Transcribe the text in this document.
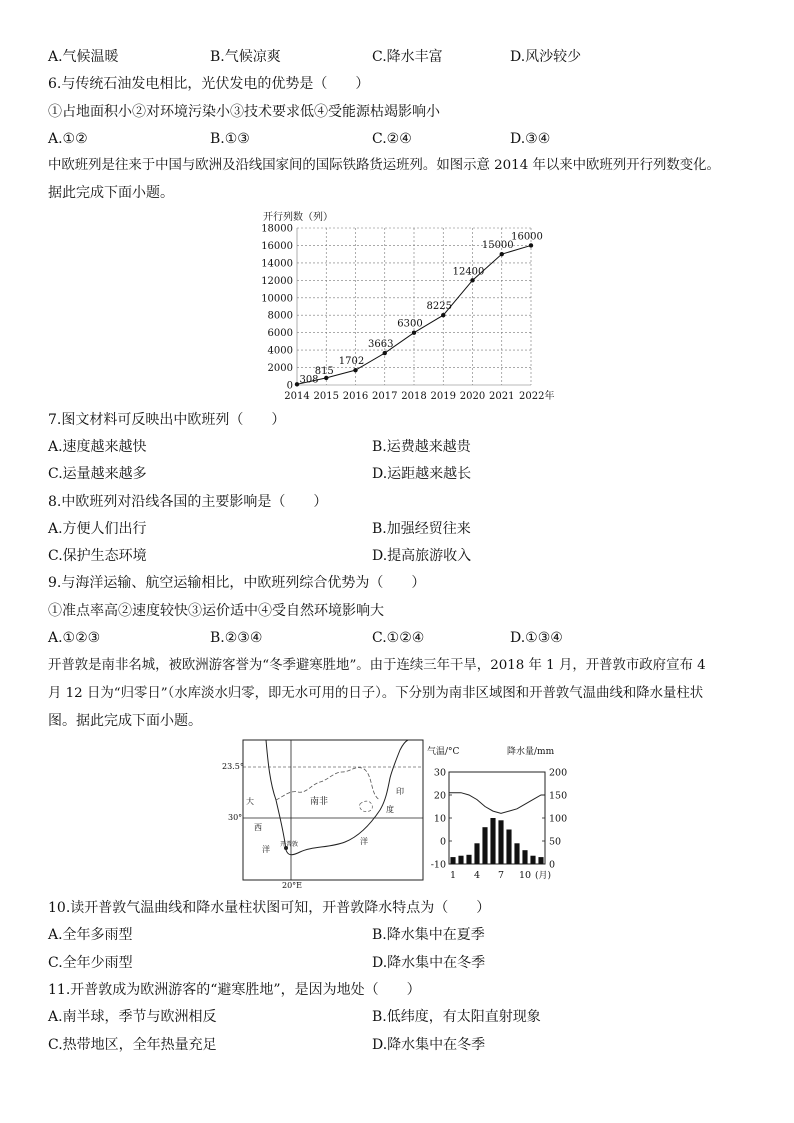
A.气候温暖	B.气候凉爽	C.降水丰富	D.风沙较少
6.与传统石油发电相比，光伏发电的优势是（　　）
①占地面积小②对环境污染小③技术要求低④受能源枯竭影响小
A.①②	B.①③	C.②④	D.③④
中欧班列是往来于中国与欧洲及沿线国家间的国际铁路货运班列。如图示意 2014 年以来中欧班列开行列数变化。
据此完成下面小题。
开行列数（列）
0
2000
4000
6000
8000
10000
12000
14000
16000
18000
2014 2015 2016 2017 2018 2019 2020 2021 2022年
308
815
1702
3663
6300
8225
12400
15000
16000
7.图文材料可反映出中欧班列（　　）
A.速度越来越快	B.运费越来越贵
C.运量越来越多	D.运距越来越长
8.中欧班列对沿线各国的主要影响是（　　）
A.方便人们出行	B.加强经贸往来
C.保护生态环境	D.提高旅游收入
9.与海洋运输、航空运输相比，中欧班列综合优势为（　　）
①准点率高②速度较快③运价适中④受自然环境影响大
A.①②③	B.②③④	C.①②④	D.①③④
开普敦是南非名城，被欧洲游客誉为“冬季避寒胜地”。由于连续三年干旱，2018 年 1 月，开普敦市政府宣布 4
月 12 日为“归零日”（水库淡水归零，即无水可用的日子）。下分别为南非区域图和开普敦气温曲线和降水量柱状
图。据此完成下面小题。
23.5°
30°
20°E
南非
大
西
洋
印
度
洋
开普敦
气温/°C	降水量/mm
30
20
10
0
-10
200
150
100
50
0
1 4 7 10 (月)
10.读开普敦气温曲线和降水量柱状图可知，开普敦降水特点为（　　）
A.全年多雨型	B.降水集中在夏季
C.全年少雨型	D.降水集中在冬季
11.开普敦成为欧洲游客的“避寒胜地”，是因为地处（　　）
A.南半球，季节与欧洲相反	B.低纬度，有太阳直射现象
C.热带地区，全年热量充足	D.降水集中在冬季
